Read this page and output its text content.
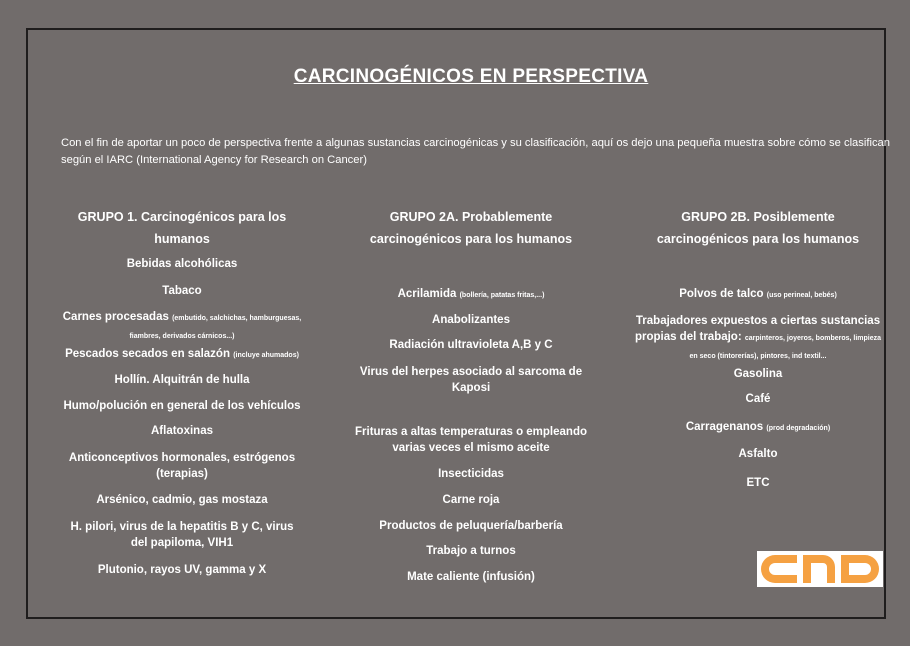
CARCINOGÉNICOS EN PERSPECTIVA
Con el fin de aportar un poco de perspectiva frente a algunas sustancias carcinogénicas y su clasificación, aquí os dejo una pequeña muestra sobre cómo se clasifican según el IARC (International Agency for Research on Cancer)
GRUPO 1. Carcinogénicos para los humanos
Bebidas alcohólicas
Tabaco
Carnes procesadas (embutido, salchichas, hamburguesas, fiambres, derivados cárnicos...)
Pescados secados en salazón (incluye ahumados)
Hollín. Alquitrán de hulla
Humo/polución en general de los vehículos
Aflatoxinas
Anticonceptivos hormonales, estrógenos (terapias)
Arsénico, cadmio, gas mostaza
H. pilori, virus de la hepatitis B y C, virus del papiloma, VIH1
Plutonio, rayos UV, gamma y X
GRUPO 2A. Probablemente carcinogénicos para los humanos
Acrilamida (bollería, patatas fritas,...)
Anabolizantes
Radiación ultravioleta A,B y C
Virus del herpes asociado al sarcoma de Kaposi
Frituras a altas temperaturas o empleando varias veces el mismo aceite
Insecticidas
Carne roja
Productos de peluquería/barbería
Trabajo a turnos
Mate caliente (infusión)
GRUPO 2B. Posiblemente carcinogénicos para los humanos
Polvos de talco (uso perineal, bebés)
Trabajadores expuestos a ciertas sustancias propias del trabajo: carpinteros, joyeros, bomberos, limpieza en seco (tintorerías), pintores, ind textil...
Gasolina
Café
Carragenanos (prod degradación)
Asfalto
ETC
